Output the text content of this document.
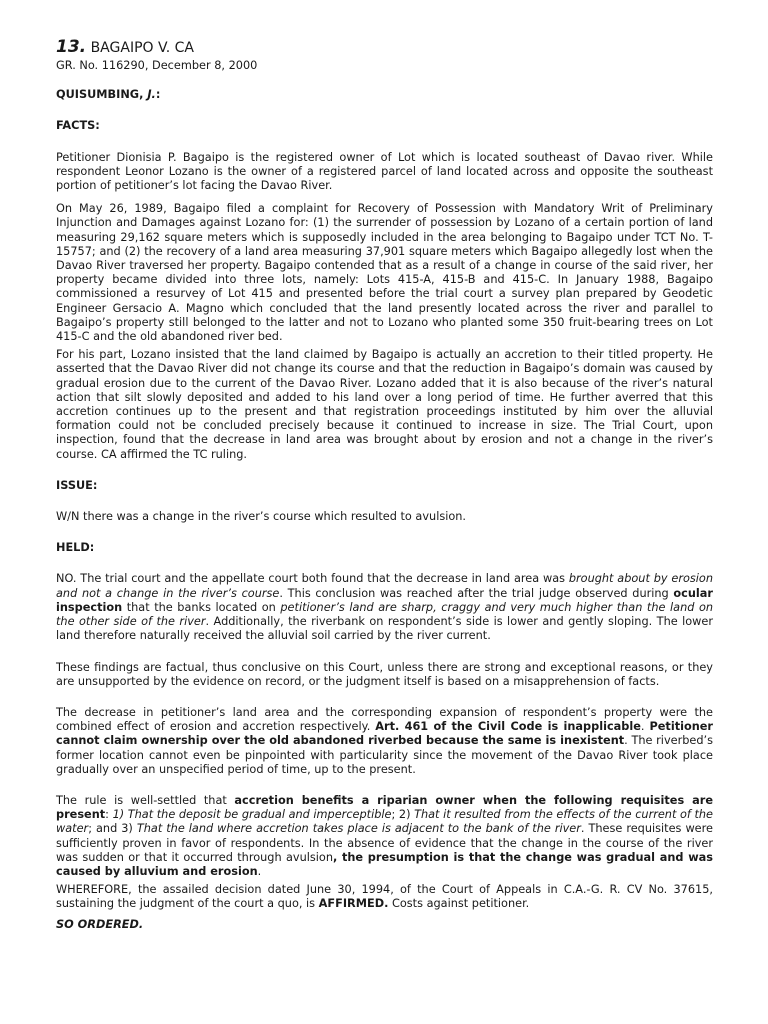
13. BAGAIPO V. CA
GR. No. 116290, December 8, 2000
QUISUMBING, J.:
FACTS:

Petitioner Dionisia P. Bagaipo is the registered owner of Lot which is located southeast of Davao river. While respondent Leonor Lozano is the owner of a registered parcel of land located across and opposite the southeast portion of petitioner’s lot facing the Davao River.

On May 26, 1989, Bagaipo filed a complaint for Recovery of Possession with Mandatory Writ of Preliminary Injunction and Damages against Lozano for: (1) the surrender of possession by Lozano of a certain portion of land measuring 29,162 square meters which is supposedly included in the area belonging to Bagaipo under TCT No. T-15757; and (2) the recovery of a land area measuring 37,901 square meters which Bagaipo allegedly lost when the Davao River traversed her property. Bagaipo contended that as a result of a change in course of the said river, her property became divided into three lots, namely: Lots 415-A, 415-B and 415-C. In January 1988, Bagaipo commissioned a resurvey of Lot 415 and presented before the trial court a survey plan prepared by Geodetic Engineer Gersacio A. Magno which concluded that the land presently located across the river and parallel to Bagaipo’s property still belonged to the latter and not to Lozano who planted some 350 fruit-bearing trees on Lot 415-C and the old abandoned river bed.

For his part, Lozano insisted that the land claimed by Bagaipo is actually an accretion to their titled property. He asserted that the Davao River did not change its course and that the reduction in Bagaipo’s domain was caused by gradual erosion due to the current of the Davao River. Lozano added that it is also because of the river’s natural action that silt slowly deposited and added to his land over a long period of time. He further averred that this accretion continues up to the present and that registration proceedings instituted by him over the alluvial formation could not be concluded precisely because it continued to increase in size. The Trial Court, upon inspection, found that the decrease in land area was brought about by erosion and not a change in the river’s course. CA affirmed the TC ruling.

ISSUE:

W/N there was a change in the river’s course which resulted to avulsion.

HELD:

NO. The trial court and the appellate court both found that the decrease in land area was brought about by erosion and not a change in the river’s course. This conclusion was reached after the trial judge observed during ocular inspection that the banks located on petitioner’s land are sharp, craggy and very much higher than the land on the other side of the river. Additionally, the riverbank on respondent’s side is lower and gently sloping. The lower land therefore naturally received the alluvial soil carried by the river current.

These findings are factual, thus conclusive on this Court, unless there are strong and exceptional reasons, or they are unsupported by the evidence on record, or the judgment itself is based on a misapprehension of facts.

The decrease in petitioner’s land area and the corresponding expansion of respondent’s property were the combined effect of erosion and accretion respectively. Art. 461 of the Civil Code is inapplicable. Petitioner cannot claim ownership over the old abandoned riverbed because the same is inexistent. The riverbed’s former location cannot even be pinpointed with particularity since the movement of the Davao River took place gradually over an unspecified period of time, up to the present.

The rule is well-settled that accretion benefits a riparian owner when the following requisites are present: 1) That the deposit be gradual and imperceptible; 2) That it resulted from the effects of the current of the water; and 3) That the land where accretion takes place is adjacent to the bank of the river. These requisites were sufficiently proven in favor of respondents. In the absence of evidence that the change in the course of the river was sudden or that it occurred through avulsion, the presumption is that the change was gradual and was caused by alluvium and erosion.

WHEREFORE, the assailed decision dated June 30, 1994, of the Court of Appeals in C.A.-G. R. CV No. 37615, sustaining the judgment of the court a quo, is AFFIRMED. Costs against petitioner.

SO ORDERED.
